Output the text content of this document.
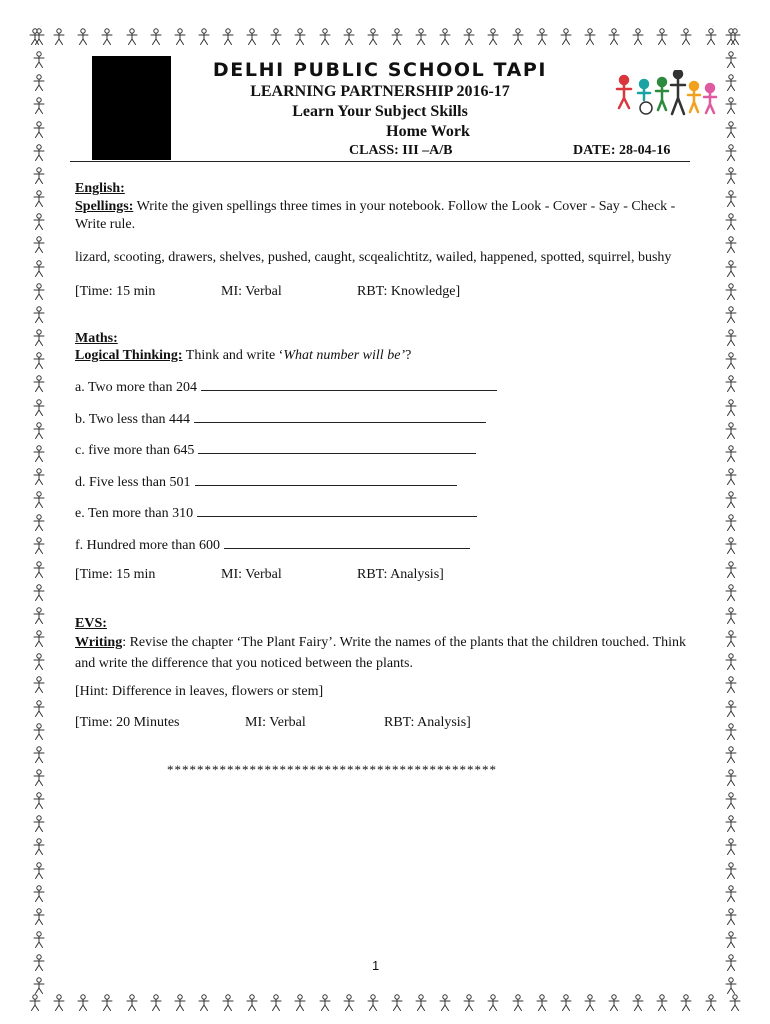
DELHI PUBLIC SCHOOL TAPI
LEARNING PARTNERSHIP 2016-17
Learn Your Subject Skills
Home Work
CLASS: III –A/B	DATE: 28-04-16
English:
Spellings: Write the given spellings three times in your notebook. Follow the Look - Cover - Say - Check - Write rule.
lizard, scooting, drawers, shelves, pushed, caught, scqealichtitz, wailed, happened, spotted, squirrel, bushy
[Time: 15 min	MI: Verbal	RBT: Knowledge]
Maths:
Logical Thinking: Think and write ‘What number will be’?
a. Two more than 204
b. Two less than 444
c. five more than 645
d. Five less than 501
e. Ten more than 310
f. Hundred more than 600
[Time: 15 min	MI: Verbal	RBT: Analysis]
EVS:
Writing: Revise the chapter ‘The Plant Fairy’. Write the names of the plants that the children touched. Think and write the difference that you noticed between the plants.
[Hint: Difference in leaves, flowers or stem]
[Time: 20 Minutes	MI: Verbal	RBT: Analysis]
********************************************
1
